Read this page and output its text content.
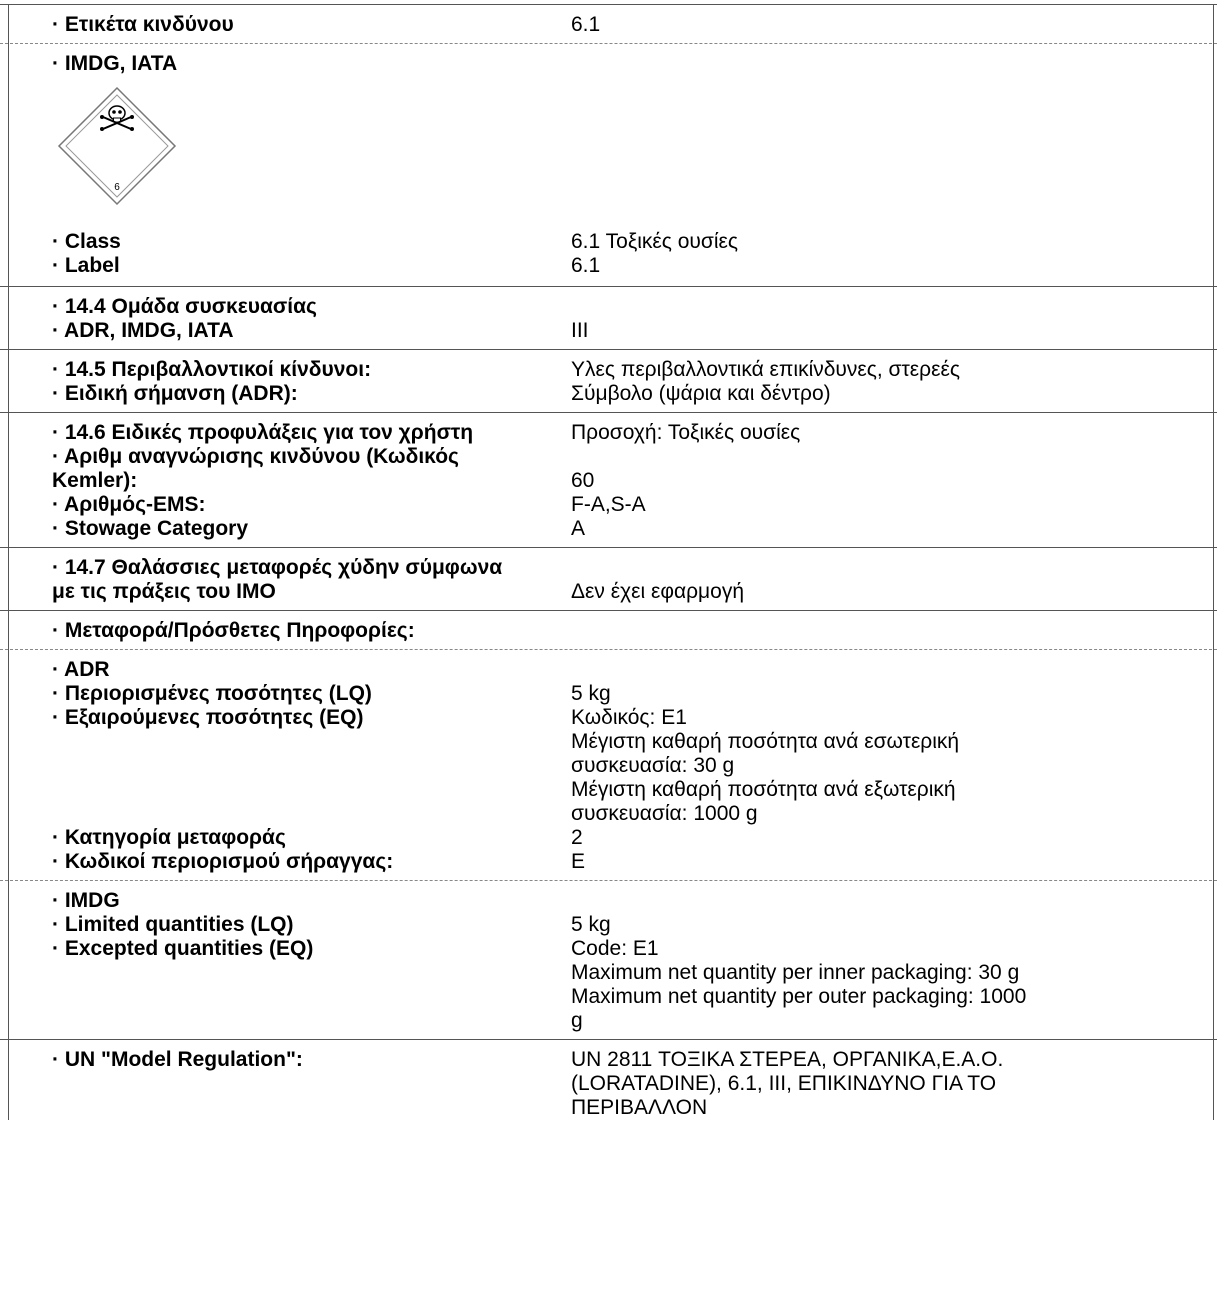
· Ετικέτα κινδύνου	6.1
· IMDG, IATA
6
· Class	6.1 Τοξικές ουσίες
· Label	6.1
· 14.4 Ομάδα συσκευασίας
· ADR, IMDG, IATA	III
· 14.5 Περιβαλλοντικοί κίνδυνοι:	Υλες περιβαλλοντικά επικίνδυνες, στερεές
· Ειδική σήμανση (ADR):	Σύμβολο (ψάρια και δέντρο)
· 14.6 Ειδικές προφυλάξεις για τον χρήστη	Προσοχή: Τοξικές ουσίες
· Αριθμ αναγνώρισης κινδύνου (Κωδικός
Kemler):	60
· Αριθμός-EMS:	F-A,S-A
· Stowage Category	A
· 14.7 Θαλάσσιες μεταφορές χύδην σύμφωνα
με τις πράξεις του IMO	Δεν έχει εφαρμογή
· Μεταφορά/Πρόσθετες Πηροφορίες:
· ADR
· Περιορισμένες ποσότητες (LQ)	5 kg
· Εξαιρούμενες ποσότητες (EQ)	Κωδικός: E1
Μέγιστη καθαρή ποσότητα ανά εσωτερική
συσκευασία: 30 g
Μέγιστη καθαρή ποσότητα ανά εξωτερική
συσκευασία: 1000 g
· Κατηγορία μεταφοράς	2
· Κωδικοί περιορισμού σήραγγας:	E
· IMDG
· Limited quantities (LQ)	5 kg
· Excepted quantities (EQ)	Code: E1
Maximum net quantity per inner packaging: 30 g
Maximum net quantity per outer packaging: 1000
g
· UN "Model Regulation":	UN 2811 ΤΟΞΙΚΑ ΣΤΕΡΕΑ, ΟΡΓΑΝΙΚΑ,Ε.Α.Ο.
(LORATADINE), 6.1, III, ΕΠΙΚΙΝΔΥΝΟ ΓΙΑ ΤΟ
ΠΕΡΙΒΑΛΛΟΝ
